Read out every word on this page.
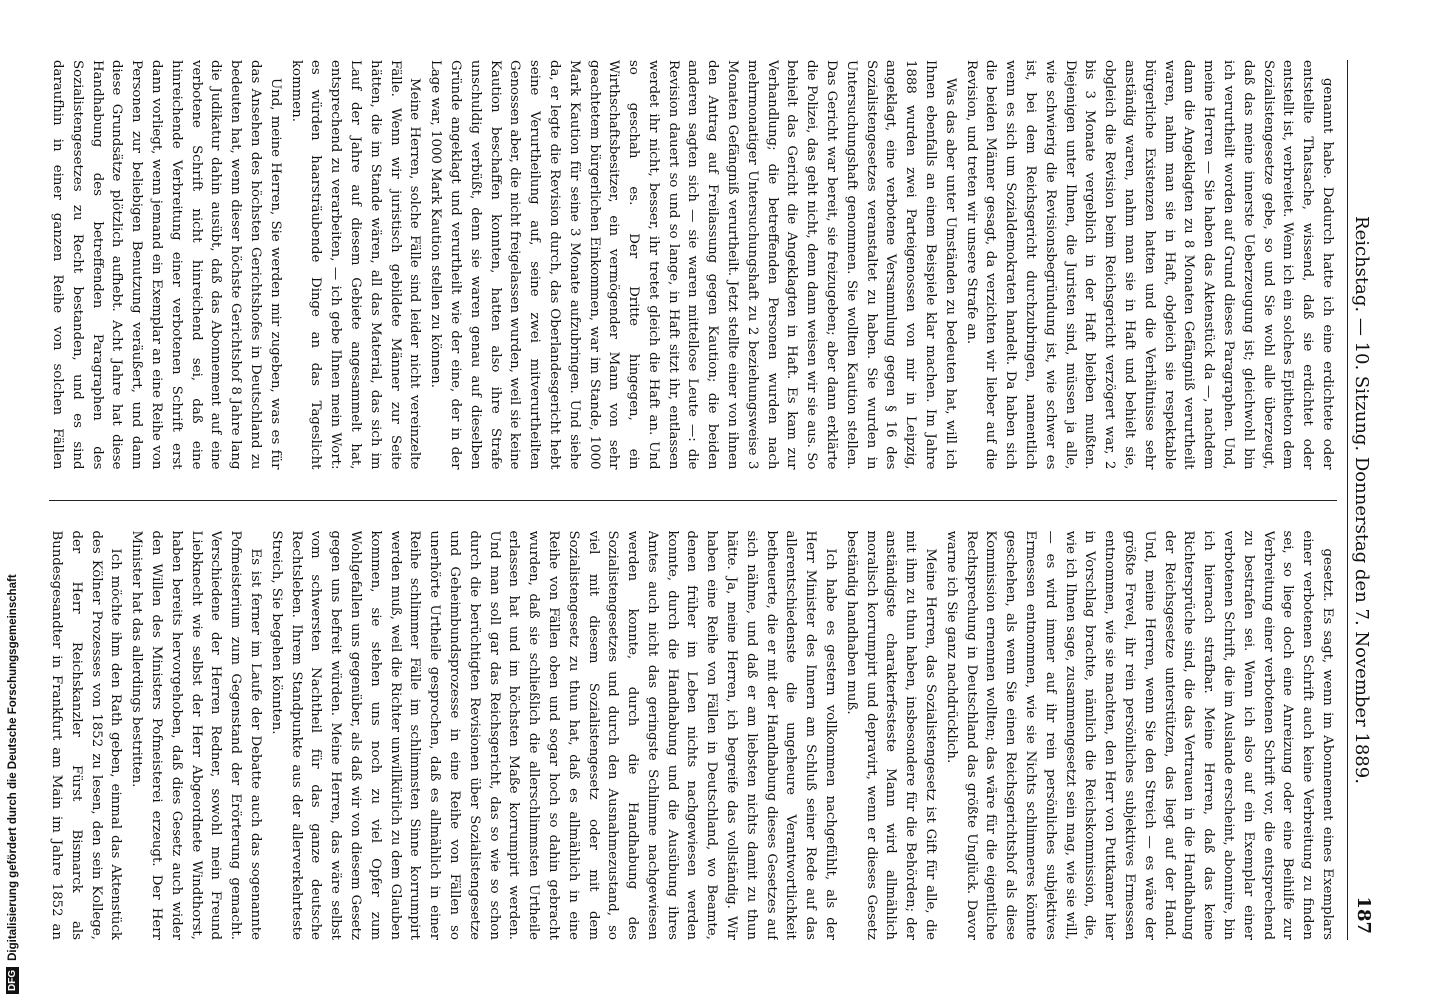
DFG
Digitalisierung gefördert durch die Deutsche Forschungsgemeinschaft	Reichstag. — 10. Sitzung. Donnerstag den 7. November 1889.
187

genannt habe. Dadurch hatte ich eine erdichtete oder entstellte Thatsache, wissend, daß sie erdichtet oder entstellt ist, verbreitet. Wenn ich ein solches Epitheton dem Sozialistengesetze gebe, so und Sie wohl alle überzeugt, daß das meine innerste Ueberzeugung ist; gleichwohl bin ich verurtheilt worden auf Grund dieses Paragraphen. Und, meine Herren — Sie haben das Aktenstück da —, nachdem dann die Angeklagten zu 8 Monaten Gefängniß verurtheilt waren, nahm man sie in Haft, obgleich sie respektable bürgerliche Existenzen hatten und die Verhältnisse sehr anständig waren, nahm man sie in Haft und behielt sie, obgleich die Revision beim Reichsgericht verzögert war, 2 bis 3 Monate vergeblich in der Haft bleiben mußten. Diejenigen unter Ihnen, die Juristen sind, müssen ja alle, wie schwierig die Revisionsbegründung ist, wie schwer es ist, bei dem Reichsgericht durchzubringen, namentlich wenn es sich um Sozialdemokraten handelt. Da haben sich die beiden Männer gesagt, da verzichten wir lieber auf die Revision, und treten wir unsere Strafe an.

Was das aber unter Umständen zu bedeuten hat, will ich Ihnen ebenfalls an einem Beispiele klar machen. Im Jahre 1888 wurden zwei Parteigenossen von mir in Leipzig, angeklagt, eine verbotene Versammlung gegen § 16 des Sozialistengesetzes veranstaltet zu haben. Sie wurden in Untersuchungshaft genommen. Sie wollten Kaution stellen. Das Gericht war bereit, sie freizugeben; aber dann erklärte die Polizei, das geht nicht, denn dann weisen wir sie aus. So behielt das Gericht die Angeklagten in Haft. Es kam zur Verhandlung; die betreffenden Personen wurden nach mehrmonatiger Untersuchungshaft zu 2 beziehungsweise 3 Monaten Gefängniß verurtheilt. Jetzt stellte einer von ihnen den Antrag auf Freilassung gegen Kaution; die beiden anderen sagten sich — sie waren mittellose Leute —: die Revision dauert so und so lange, in Haft sitzt ihr, entlassen werdet ihr nicht, besser, ihr tretet gleich die Haft an. Und so geschah es. Der Dritte hingegen, ein Wirthschaftsbesitzer, ein vermögender Mann von sehr geachtetem bürgerlichen Einkommen, war im Stande, 1000 Mark Kaution für seine 3 Monate aufzubringen. Und siehe da, er legte die Revision durch, das Oberlandesgericht hebt seine Verurtheilung auf, seine zwei mitverurtheilten Genossen aber, die nicht freigelassen wurden, weil sie keine Kaution beschaffen konnten, hatten also ihre Strafe unschuldig verbüßt, denn sie waren genau auf dieselben Gründe angeklagt und verurtheilt wie der eine, der in der Lage war, 1000 Mark Kaution stellen zu können.

Meine Herren, solche Fälle sind leider nicht vereinzelte Fälle. Wenn wir juristisch gebildete Männer zur Seite hätten, die im Stande wären, all das Material, das sich im Lauf der Jahre auf diesem Gebiete angesammelt hat, entsprechend zu verarbeiten, — ich gebe Ihnen mein Wort: es würden haarsträubende Dinge an das Tageslicht kommen.

Und, meine Herren, Sie werden mir zugeben, was es für das Ansehen des höchsten Gerichtshofes in Deutschland zu bedeuten hat, wenn dieser höchste Gerichtshof 8 Jahre lang die Judikatur dahin ausübt, daß das Abonnement auf eine verbotene Schrift nicht hinreichend sei, daß eine hinreichende Verbreitung einer verbotenen Schrift erst dann vorliegt, wenn jemand ein Exemplar an eine Reihe von Personen zur beliebigen Benutzung veräußert, und dann diese Grundsätze plötzlich aufhebt. Acht Jahre hat diese Handhabung des betreffenden Paragraphen des Sozialistengesetzes zu Recht bestanden, und es sind daraufhin in einer ganzen Reihe von solchen Fällen

gesetzt. Es sagt, wenn im Abonnement eines Exemplars einer verbotenen Schrift auch keine Verbreitung zu finden sei, so liege doch eine Anreizung oder eine Beihilfe zur Verbreitung einer verbotenen Schrift vor, die entsprechend zu bestrafen sei. Wenn ich also auf ein Exemplar einer verbotenen Schrift, die im Auslande erscheint, abonnire, bin ich hiernach strafbar. Meine Herren, daß das keine Richtersprüche sind, die das Vertrauen in die Handhabung der Reichsgesetze unterstützen, das liegt auf der Hand. Und, meine Herren, wenn Sie den Streich — es wäre der größte Frevel, ihr rein persönliches subjektives Ermessen entnommen, wie sie machten, den Herr von Puttkamer hier in Vorschlag brachte, nämlich die Reichskommission, die, wie ich Ihnen sage, zusammengesetzt sein mag, wie sie will, — es wird immer auf ihr rein persönliches subjektives Ermessen entnommen, wie sie Nichts schlimmeres könnte geschehen, als wenn Sie einen Reichsgerichtshof als diese Kommission ernennen wollten; das wäre für die eigentliche Rechtsprechung in Deutschland das größte Unglück. Davor warne ich Sie ganz nachdrücklich.

Meine Herren, das Sozialistengesetz ist Gift für alle, die mit ihm zu thun haben, insbesondere für die Behörden; der anständigste charakterfesteste Mann wird allmählich moralisch korrumpirt und depravirt, wenn er dieses Gesetz beständig handhaben muß.

Ich habe es gestern vollkommen nachgefühlt, als der Herr Minister des Innern am Schluß seiner Rede auf das allerentschiedenste die ungeheure Verantwortlichkeit betheuerte, die er mit der Handhabung dieses Gesetzes auf sich nähme, und daß er am liebsten nichts damit zu thun hätte. Ja, meine Herren, ich begreife das vollständig. Wir haben eine Reihe von Fällen in Deutschland, wo Beamte, denen früher im Leben nichts nachgewiesen werden konnte, durch die Handhabung und die Ausübung ihres Amtes auch nicht das geringste Schlimme nachgewiesen werden konnte, durch die Handhabung des Sozialistengesetzes und durch den Ausnahmezustand, so viel mit diesem Sozialistengesetz oder mit dem Sozialistengesetz zu thun hat, daß es allmählich in eine Reihe von Fällen oben und sogar hoch so dahin gebracht wurden, daß sie schließlich die allerschlimmsten Urtheile erlassen hat und im höchsten Maße korrumpirt werden. Und man soll gar das Reichsgericht, das so wie so schon durch die berüchtigten Revisionen über Sozialistengesetze und Geheimbundsprozesse in eine Reihe von Fällen so unerhörte Urtheile gesprochen, daß es allmählich in einer Reihe schlimmer Fälle im schlimmsten Sinne korrumpirt werden muß, weil die Richter unwillkürlich zu dem Glauben kommen, sie stehen uns noch zu viel Opfer zum Wohlgefallen uns gegenüber, als daß wir von diesem Gesetz gegen uns befreit würden. Meine Herren, das wäre selbst vom schwersten Nachtheil für das ganze deutsche Rechtsleben. Ihrem Standpunkte aus der allerverkehrteste Streich, Sie begehen könnten.

Es ist ferner im Laufe der Debatte auch das sogenannte Pofmeisterium zum Gegenstand der Erörterung gemacht. Verschiedene der Herren Redner, sowohl mein Freund Liebknecht wie selbst der Herr Abgeordnete Windthorst, haben bereits hervorgehoben, daß dies Gesetz auch wider den Willen des Ministers Pofmeisterei erzeugt. Der Herr Minister hat das allerdings bestritten.

Ich möchte ihm den Rath geben, einmal das Aktenstück des Kölner Prozesses von 1852 zu lesen, den sein Kollege, der Herr Reichskanzler Fürst Bismarck als Bundesgesandter in Frankfurt am Main im Jahre 1852 an
